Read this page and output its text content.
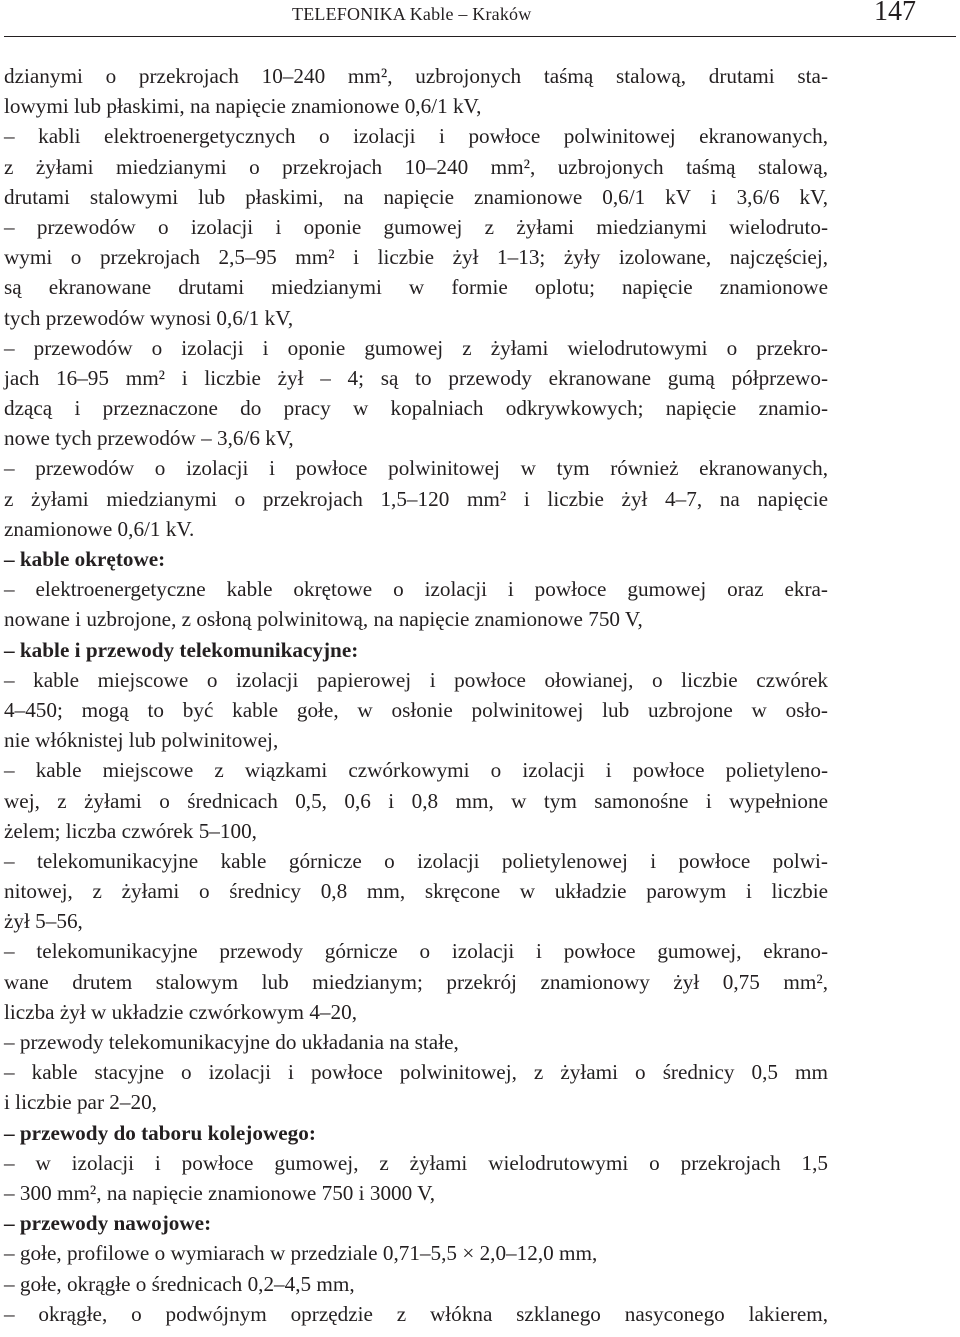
TELEFONIKA Kable – Kraków	147
dzianymi o przekrojach 10–240 mm², uzbrojonych taśmą stalową, drutami sta-
lowymi lub płaskimi, na napięcie znamionowe 0,6/1 kV,
– kabli elektroenergetycznych o izolacji i powłoce polwinitowej ekranowanych,
z żyłami miedzianymi o przekrojach 10–240 mm², uzbrojonych taśmą stalową,
drutami stalowymi lub płaskimi, na napięcie znamionowe 0,6/1 kV i 3,6/6 kV,
– przewodów o izolacji i oponie gumowej z żyłami miedzianymi wielodruto-
wymi o przekrojach 2,5–95 mm² i liczbie żył 1–13; żyły izolowane, najczęściej,
są ekranowane drutami miedzianymi w formie oplotu; napięcie znamionowe
tych przewodów wynosi 0,6/1 kV,
– przewodów o izolacji i oponie gumowej z żyłami wielodrutowymi o przekro-
jach 16–95 mm² i liczbie żył – 4; są to przewody ekranowane gumą półprzewo-
dzącą i przeznaczone do pracy w kopalniach odkrywkowych; napięcie znamio-
nowe tych przewodów – 3,6/6 kV,
– przewodów o izolacji i powłoce polwinitowej w tym również ekranowanych,
z żyłami miedzianymi o przekrojach 1,5–120 mm² i liczbie żył 4–7, na napięcie
znamionowe 0,6/1 kV.
– kable okrętowe:
– elektroenergetyczne kable okrętowe o izolacji i powłoce gumowej oraz ekra-
nowane i uzbrojone, z osłoną polwinitową, na napięcie znamionowe 750 V,
– kable i przewody telekomunikacyjne:
– kable miejscowe o izolacji papierowej i powłoce ołowianej, o liczbie czwórek
4–450; mogą to być kable gołe, w osłonie polwinitowej lub uzbrojone w osło-
nie włóknistej lub polwinitowej,
– kable miejscowe z wiązkami czwórkowymi o izolacji i powłoce polietyleno-
wej, z żyłami o średnicach 0,5, 0,6 i 0,8 mm, w tym samonośne i wypełnione
żelem; liczba czwórek 5–100,
– telekomunikacyjne kable górnicze o izolacji polietylenowej i powłoce polwi-
nitowej, z żyłami o średnicy 0,8 mm, skręcone w układzie parowym i liczbie
żył 5–56,
– telekomunikacyjne przewody górnicze o izolacji i powłoce gumowej, ekrano-
wane drutem stalowym lub miedzianym; przekrój znamionowy żył 0,75 mm²,
liczba żył w układzie czwórkowym 4–20,
– przewody telekomunikacyjne do układania na stałe,
– kable stacyjne o izolacji i powłoce polwinitowej, z żyłami o średnicy 0,5 mm
i liczbie par 2–20,
– przewody do taboru kolejowego:
– w izolacji i powłoce gumowej, z żyłami wielodrutowymi o przekrojach 1,5
– 300 mm², na napięcie znamionowe 750 i 3000 V,
– przewody nawojowe:
– gołe, profilowe o wymiarach w przedziale 0,71–5,5 × 2,0–12,0 mm,
– gołe, okrągłe o średnicach 0,2–4,5 mm,
– okrągłe, o podwójnym oprzędzie z włókna szklanego nasyconego lakierem,
